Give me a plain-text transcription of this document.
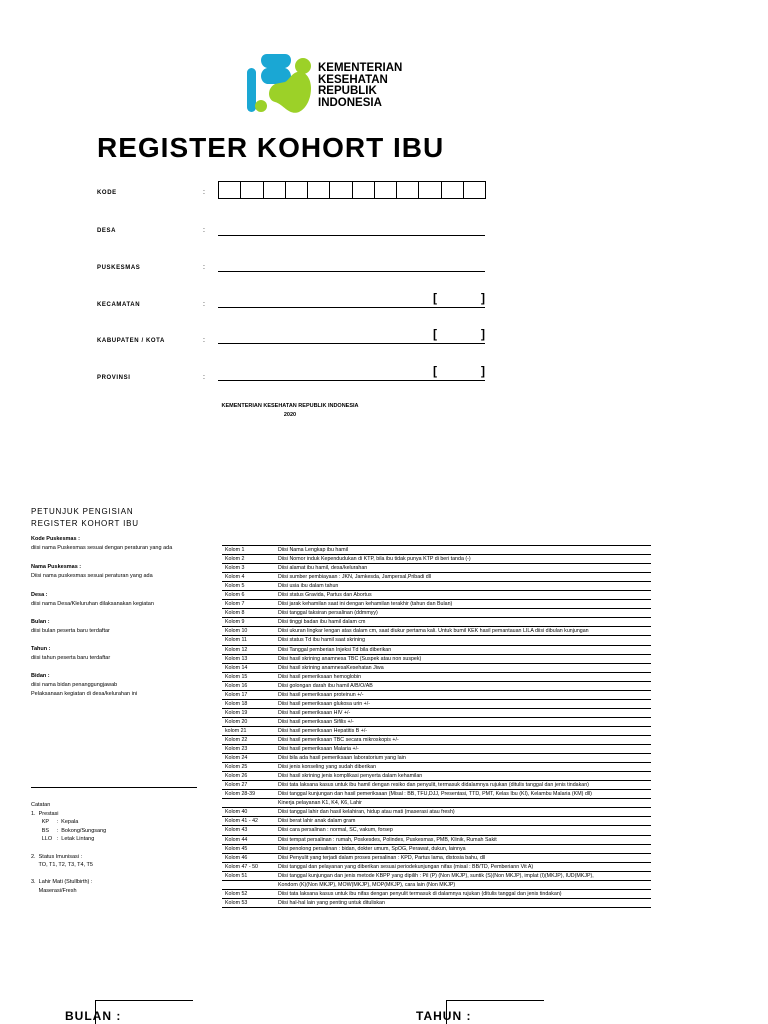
KEMENTERIAN
KESEHATAN
REPUBLIK
INDONESIA
REGISTER KOHORT IBU
KODE	:
DESA	:
PUSKESMAS	:
KECAMATAN	:	[	]
KABUPATEN / KOTA	:	[	]
PROVINSI	:	[	]
KEMENTERIAN KESEHATAN REPUBLIK INDONESIA
2020
PETUNJUK PENGISIAN
REGISTER KOHORT IBU
Kode Puskesmas :
diisi nama Puskesmas sesuai dengan peraturan yang ada
Nama Puskesmas :
Diisi nama puskesmas sesuai peraturan yang ada
Desa :
diisi nama Desa/Kleluruhan dilaksanakan kegiatan
Bulan :
diisi bulan peserta baru terdaftar
Tahun :
diisi tahun peserta baru terdaftar
Bidan :
diisi nama bidan penanggungjawab
Pelaksanaan kegiatan di desa/kelurahan ini
Catatan
1.  Prestasi
KP     :  Kepala
BS     :  Bokong/Sungsang
LLO   :  Letak Lintang
2.  Status Imunisasi :
TO, T1, T2, T3, T4, T5
3.  Lahir Mati (Stullbirth) :
Maserasi/Fresh
Kolom 1	Diisi Nama Lengkap ibu hamil
Kolom 2	Diisi Nomor induk Kependudukan di KTP, bila ibu tidak punya KTP di beri tanda (-)
Kolom 3	Diisi alamat ibu hamil, desa/kelurahan
Kolom 4	Diisi sumber pembiayaan : JKN, Jamkesda, Jampersal,Pribadi dll
Kolom 5	Diisi usia ibu dalam tahun
Kolom 6	Diisi status Gravida, Partus dan Abortus
Kolom 7	Diisi jarak kehamilan saat ini dengan kehamilan terakhir (tahun dan Bulan)
Kolom 8	Diisi tanggal taksiran persalinan (ddmmyy)
Kolom 9	Diisi tinggi badan ibu hamil dalam cm
Kolom 10	Diisi ukuran lingkar lengan atas dalam cm, saat diukur pertama kali. Untuk bumil KEK hasil pemantauan LILA diisi dibulan kunjungan
Kolom 11	Diisi status Td ibu hamil saat skrining
Kolom 12	Diisi Tanggal pemberian Injeksi Td bila diberikan
Kolom 13	Diisi hasil skrining anamnesa TBC (Suspek atau non suspek)
Kolom 14	Diisi hasil skrining anamnesaKesehatan Jiwa
Kolom 15	Diisi hasil pemeriksaan hemoglobin
Kolom 16	Diisi golongan darah ibu hamil A/B/O/AB
Kolom 17	Diisi hasil pemeriksaan proteinun +/-
Kolom 18	Diisi hasil pemeriksaan glukosa urin +/-
Kolom 19	Diisi hasil pemeriksaan HIV +/-
Kolom 20	Diisi hasil pemeriksaan Sifilis +/-
kolom 21	Diisi hasil pemeriksaan Hepatitis B +/-
Kolom 22	Diisi hasil pemeriksaan TBC secara mikroskopis +/-
Kolom 23	Diisi hasil pemeriksaan Malaria +/-
Kolom 24	Diisi bila ada hasil pemeriksaan laboratorium yang lain
Kolom 25	Diisi jenis konseling yang sudah diberikan
Kolom 26	Diisi hasil skrining jenis komplikasi penyerta dalam kehamilan
Kolom 27	Diisi tata laksana kasus untuk ibu hamil dengan resiko dan penyulit, termasuk didalamnya rujukan (ditulis tanggal dan jenis tindakan)
Kolom 28-39	Diisi tanggal kunjungan dan hasil pemeriksaan (Misal : BB, TFU,DJJ, Presentasi, TTD, PMT, Kelas Ibu (KI), Kelambu Malaria (KM) dll)
	Kinerja pelayanan K1, K4, K6, Lahir
Kolom 40	Diisi tanggal lahir dan hasil kelahiran, hidup atau mati (maserasi atau fresh)
Kolom 41 - 42	Diisi berat lahir anak dalam gram
Kolom 43	Diisi cara persalinan : normal, SC, vakum, forsep
Kolom 44	Diisi tempat persalinan : rumah, Poskesdes, Polindes, Puskesmas, PMB, Klinik, Rumah Sakit
Kolom 45	Diisi penolong persalinan : bidan, dokter umum, SpOG, Perawat, dukun, lainnya
Kolom 46	Diisi Penyulit yang terjadi dalam proses persalinan : KPD, Partus lama, distosia bahu, dll
Kolom 47 - 50	Diisi tanggal dan pelayanan yang diberikan sesuai periodekunjungan nifas (misal : BB/TD, Pemberiann Vit A)
Kolom 51	Diisi tanggal kunjungan dan jenis metode KBPP yang dipilih : Pil (P) (Non MKJP), suntik (S)(Non MKJP), implat (I)(MKJP), IUD(MKJP),
	Kondom (K)(Non MKJP), MOW(MKJP), MOP(MKJP), cara lain (Non MKJP)
Kolom 52	Diisi tata laksana kasus untuk ibu nifas dengan penyulit termasuk di dalamnya rujukan (ditulis tanggal dan jenis tindakan)
Kolom 53	Diisi hal-hal lain yang penting untuk dituliskan
BULAN :	TAHUN :
